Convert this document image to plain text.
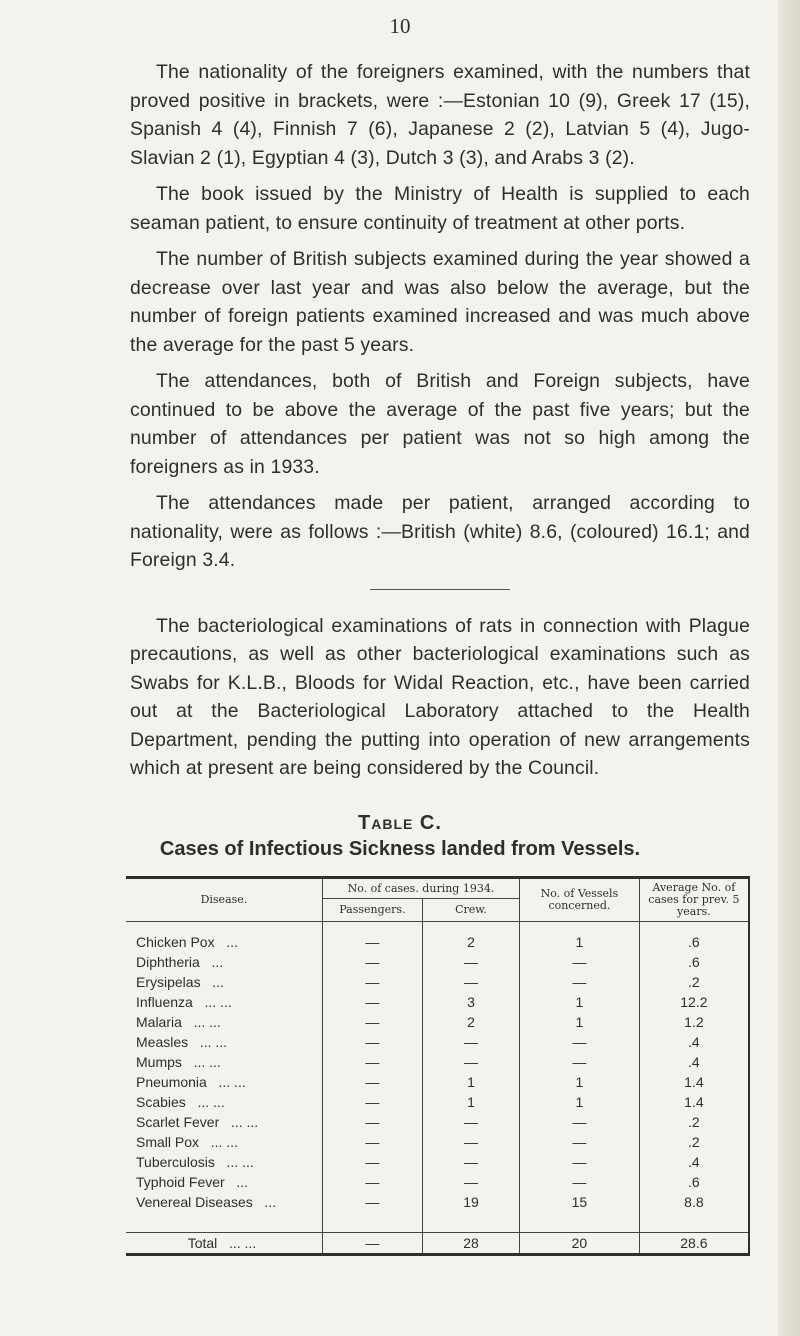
10

The nationality of the foreigners examined, with the numbers that proved positive in brackets, were :—Estonian 10 (9), Greek 17 (15), Spanish 4 (4), Finnish 7 (6), Japanese 2 (2), Latvian 5 (4), Jugo-Slavian 2 (1), Egyptian 4 (3), Dutch 3 (3), and Arabs 3 (2).

The book issued by the Ministry of Health is supplied to each seaman patient, to ensure continuity of treatment at other ports.

The number of British subjects examined during the year showed a decrease over last year and was also below the average, but the number of foreign patients examined increased and was much above the average for the past 5 years.

The attendances, both of British and Foreign subjects, have continued to be above the average of the past five years; but the number of attendances per patient was not so high among the foreigners as in 1933.

The attendances made per patient, arranged according to nationality, were as follows :—British (white) 8.6, (coloured) 16.1; and Foreign 3.4.

The bacteriological examinations of rats in connection with Plague precautions, as well as other bacteriological examinations such as Swabs for K.L.B., Bloods for Widal Reaction, etc., have been carried out at the Bacteriological Laboratory attached to the Health Department, pending the putting into operation of new arrangements which at present are being considered by the Council.

Table C.
Cases of Infectious Sickness landed from Vessels.
Disease.	No. of cases. during 1934.		No. of Vessels concerned.	Average No. of cases for prev. 5 years.
	Passengers.	Crew.		
Chicken Pox ...	—	2	1	.6
Diphtheria ...	—	—	—	.6
Erysipelas ...	—	—	—	.2
Influenza ... ...	—	3	1	12.2
Malaria ... ...	—	2	1	1.2
Measles ... ...	—	—	—	.4
Mumps ... ...	—	—	—	.4
Pneumonia ... ...	—	1	1	1.4
Scabies ... ...	—	1	1	1.4
Scarlet Fever ... ...	—	—	—	.2
Small Pox ... ...	—	—	—	.2
Tuberculosis ... ...	—	—	—	.4
Typhoid Fever ...	—	—	—	.6
Venereal Diseases ...	—	19	15	8.8

Total ... ...	—	28	20	28.6
